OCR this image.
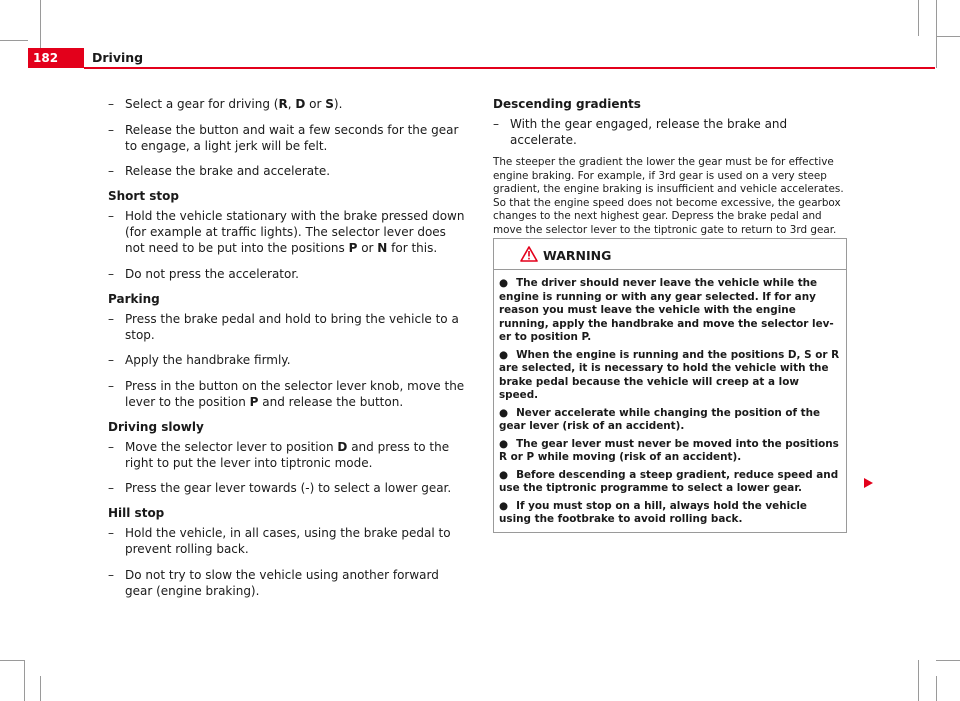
182	Driving
– Select a gear for driving (R, D or S).
– Release the button and wait a few seconds for the gear to engage, a light jerk will be felt.
– Release the brake and accelerate.
Short stop
– Hold the vehicle stationary with the brake pressed down (for example at traffic lights). The selector lever does not need to be put into the positions P or N for this.
– Do not press the accelerator.
Parking
– Press the brake pedal and hold to bring the vehicle to a stop.
– Apply the handbrake firmly.
– Press in the button on the selector lever knob, move the lever to the position P and release the button.
Driving slowly
– Move the selector lever to position D and press to the right to put the lever into tiptronic mode.
– Press the gear lever towards (-) to select a lower gear.
Hill stop
– Hold the vehicle, in all cases, using the brake pedal to prevent rolling back.
– Do not try to slow the vehicle using another forward gear (engine braking).
Descending gradients
– With the gear engaged, release the brake and accelerate.

The steeper the gradient the lower the gear must be for effective engine braking. For example, if 3rd gear is used on a very steep gradient, the engine braking is insufficient and vehicle accelerates. So that the engine speed does not become excessive, the gearbox changes to the next highest gear. Depress the brake pedal and move the selector lever to the tiptronic gate to return to 3rd gear.

WARNING
● The driver should never leave the vehicle while the engine is running or with any gear selected. If for any reason you must leave the vehicle with the engine running, apply the handbrake and move the selector lever to position P.
● When the engine is running and the positions D, S or R are selected, it is necessary to hold the vehicle with the brake pedal because the vehicle will creep at a low speed.
● Never accelerate while changing the position of the gear lever (risk of an accident).
● The gear lever must never be moved into the positions R or P while moving (risk of an accident).
● Before descending a steep gradient, reduce speed and use the tiptronic programme to select a lower gear.
● If you must stop on a hill, always hold the vehicle using the footbrake to avoid rolling back.
